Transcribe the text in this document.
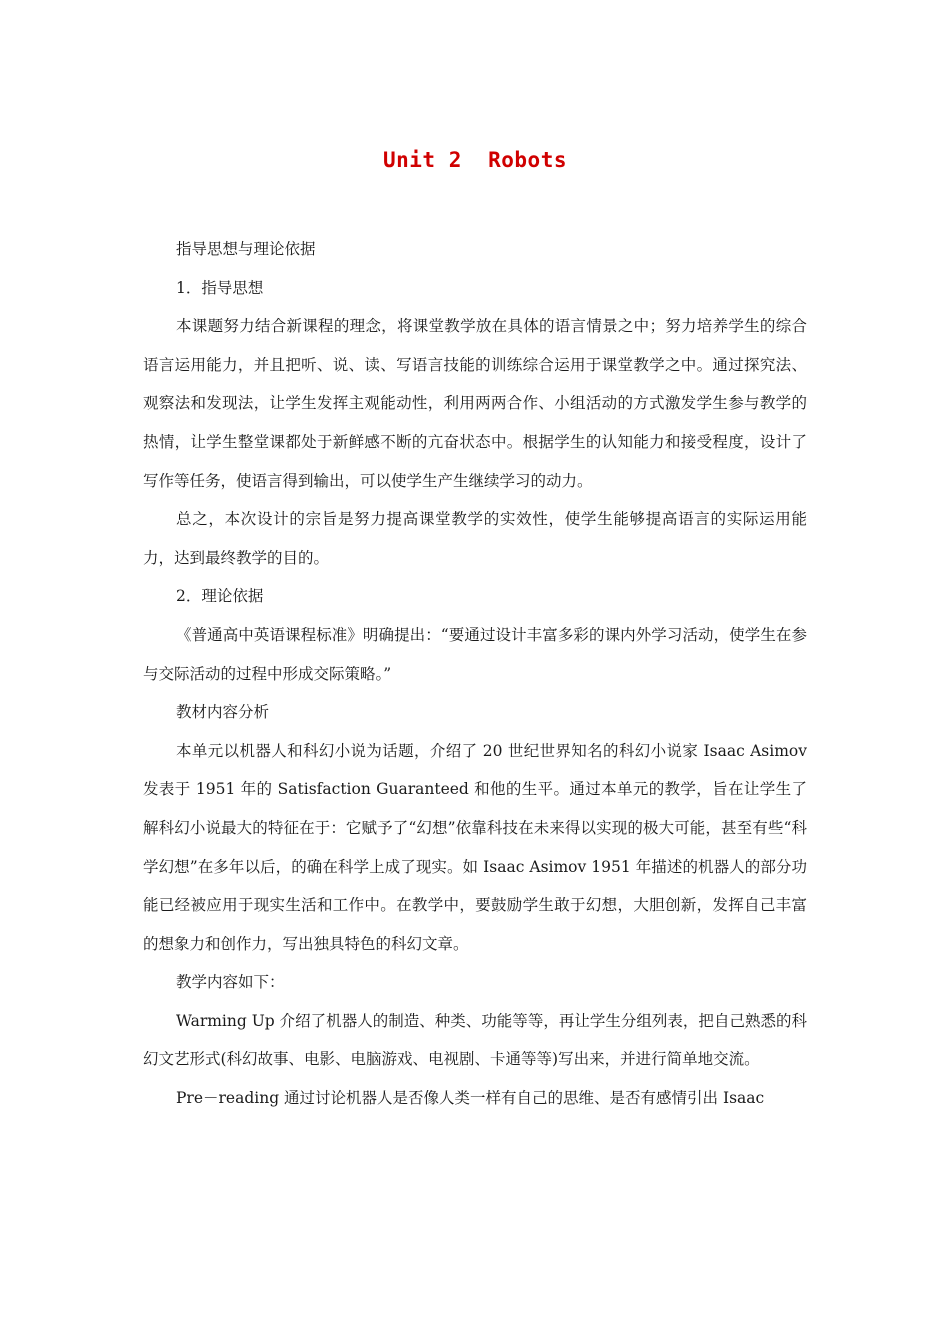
Unit 2  Robots

指导思想与理论依据

1．指导思想

本课题努力结合新课程的理念，将课堂教学放在具体的语言情景之中；努力培养学生的综合语言运用能力，并且把听、说、读、写语言技能的训练综合运用于课堂教学之中。通过探究法、观察法和发现法，让学生发挥主观能动性，利用两两合作、小组活动的方式激发学生参与教学的热情，让学生整堂课都处于新鲜感不断的亢奋状态中。根据学生的认知能力和接受程度，设计了写作等任务，使语言得到输出，可以使学生产生继续学习的动力。

总之，本次设计的宗旨是努力提高课堂教学的实效性，使学生能够提高语言的实际运用能力，达到最终教学的目的。

2．理论依据

《普通高中英语课程标准》明确提出：“要通过设计丰富多彩的课内外学习活动，使学生在参与交际活动的过程中形成交际策略。”

教材内容分析

本单元以机器人和科幻小说为话题，介绍了 20 世纪世界知名的科幻小说家 Isaac Asimov 发表于 1951 年的 Satisfaction Guaranteed 和他的生平。通过本单元的教学，旨在让学生了解科幻小说最大的特征在于：它赋予了“幻想”依靠科技在未来得以实现的极大可能，甚至有些“科学幻想”在多年以后，的确在科学上成了现实。如 Isaac Asimov 1951 年描述的机器人的部分功能已经被应用于现实生活和工作中。在教学中，要鼓励学生敢于幻想，大胆创新，发挥自己丰富的想象力和创作力，写出独具特色的科幻文章。

教学内容如下：

Warming Up 介绍了机器人的制造、种类、功能等等，再让学生分组列表，把自己熟悉的科幻文艺形式(科幻故事、电影、电脑游戏、电视剧、卡通等等)写出来，并进行简单地交流。

Pre－reading 通过讨论机器人是否像人类一样有自己的思维、是否有感情引出 Isaac
